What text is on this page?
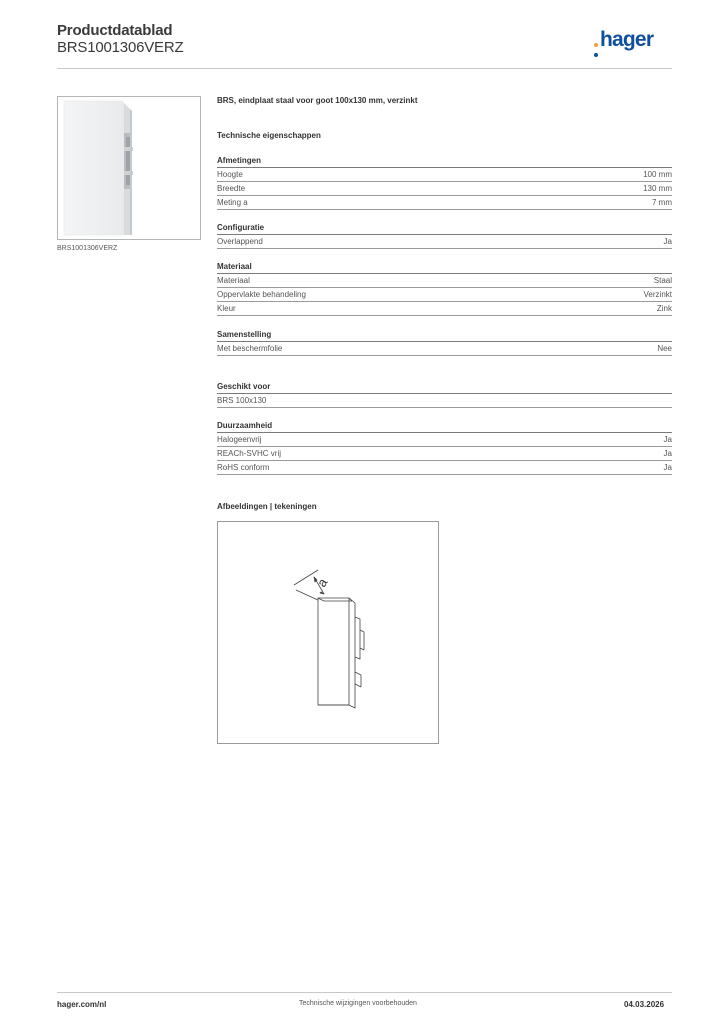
Productdatablad
BRS1001306VERZ	hager
BRS1001306VERZ
BRS, eindplaat staal voor goot 100x130 mm, verzinkt
Technische eigenschappen
Afmetingen
Hoogte	100 mm
Breedte	130 mm
Meting a	7 mm
Configuratie
Overlappend	Ja
Materiaal
Materiaal	Staal
Oppervlakte behandeling	Verzinkt
Kleur	Zink
Samenstelling
Met beschermfolie	Nee
Geschikt voor
BRS 100x130
Duurzaamheid
Halogeenvrij	Ja
REACh-SVHC vrij	Ja
RoHS conform	Ja
Afbeeldingen | tekeningen
a
hager.com/nl	Technische wijzigingen voorbehouden	04.03.2026
